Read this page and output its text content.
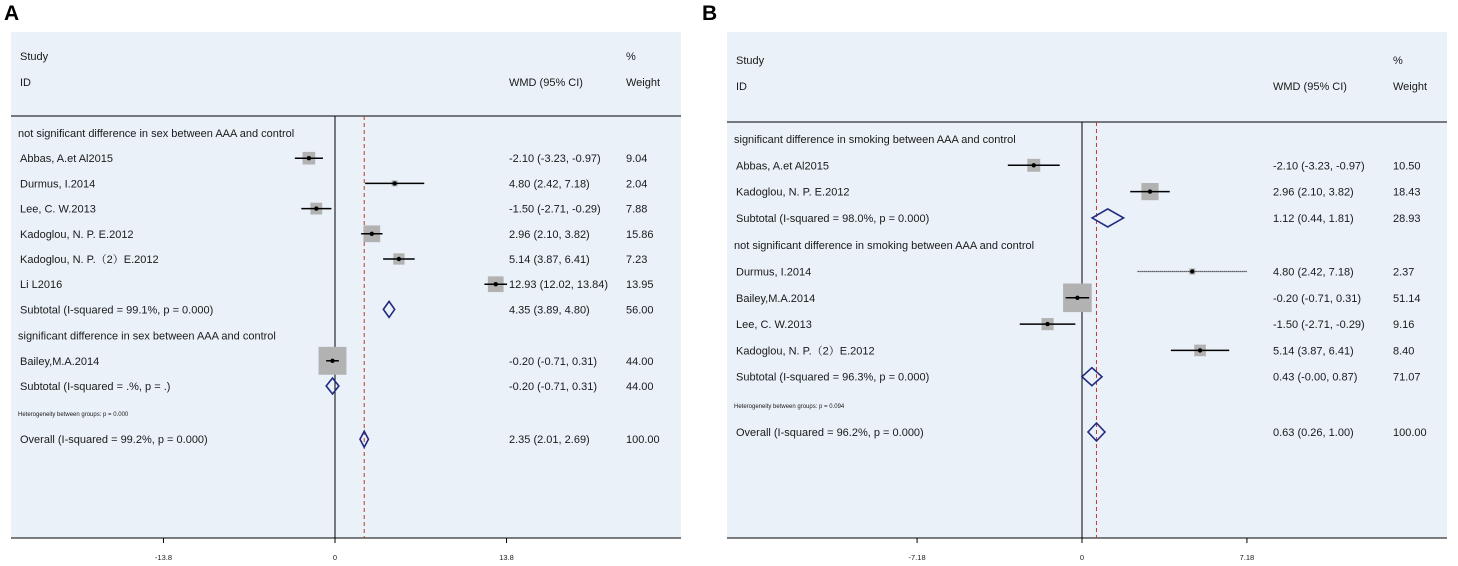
A
Study
ID	WMD (95% CI)
%
Weight
-13.8	0	13.8
not significant difference in sex between AAA and control
Abbas, A.et Al2015	-2.10 (-3.23, -0.97) 9.04
Durmus, I.2014	4.80 (2.42, 7.18)	2.04
Lee, C. W.2013	-1.50 (-2.71, -0.29) 7.88
Kadoglou, N. P. E.2012	2.96 (2.10, 3.82)	15.86
Kadoglou, N. P.（2）E.2012	5.14 (3.87, 6.41)	7.23
Li L2016	12.93 (12.02, 13.84) 13.95
Subtotal (I-squared = 99.1%, p = 0.000)	4.35 (3.89, 4.80)	56.00
significant difference in sex between AAA and control
Bailey,M.A.2014	-0.20 (-0.71, 0.31)	44.00
Subtotal (I-squared = .%, p = .)	-0.20 (-0.71, 0.31)	44.00
Heterogeneity between groups: p = 0.000
Overall (I-squared = 99.2%, p = 0.000)	2.35 (2.01, 2.69)	100.00
B
Study
ID	WMD (95% CI)
%
Weight
-7.18	0	7.18
significant difference in smoking between AAA and control
Abbas, A.et Al2015	-2.10 (-3.23, -0.97)	10.50
Kadoglou, N. P. E.2012	2.96 (2.10, 3.82)	18.43
Subtotal (I-squared = 98.0%, p = 0.000)	1.12 (0.44, 1.81)	28.93
not significant difference in smoking between AAA and control
Durmus, I.2014	4.80 (2.42, 7.18)	2.37
Bailey,M.A.2014	-0.20 (-0.71, 0.31)	51.14
Lee, C. W.2013	-1.50 (-2.71, -0.29)	9.16
Kadoglou, N. P.（2）E.2012	5.14 (3.87, 6.41)	8.40
Subtotal (I-squared = 96.3%, p = 0.000)	0.43 (-0.00, 0.87)	71.07
Heterogeneity between groups: p = 0.094
Overall (I-squared = 96.2%, p = 0.000)	0.63 (0.26, 1.00)	100.00
